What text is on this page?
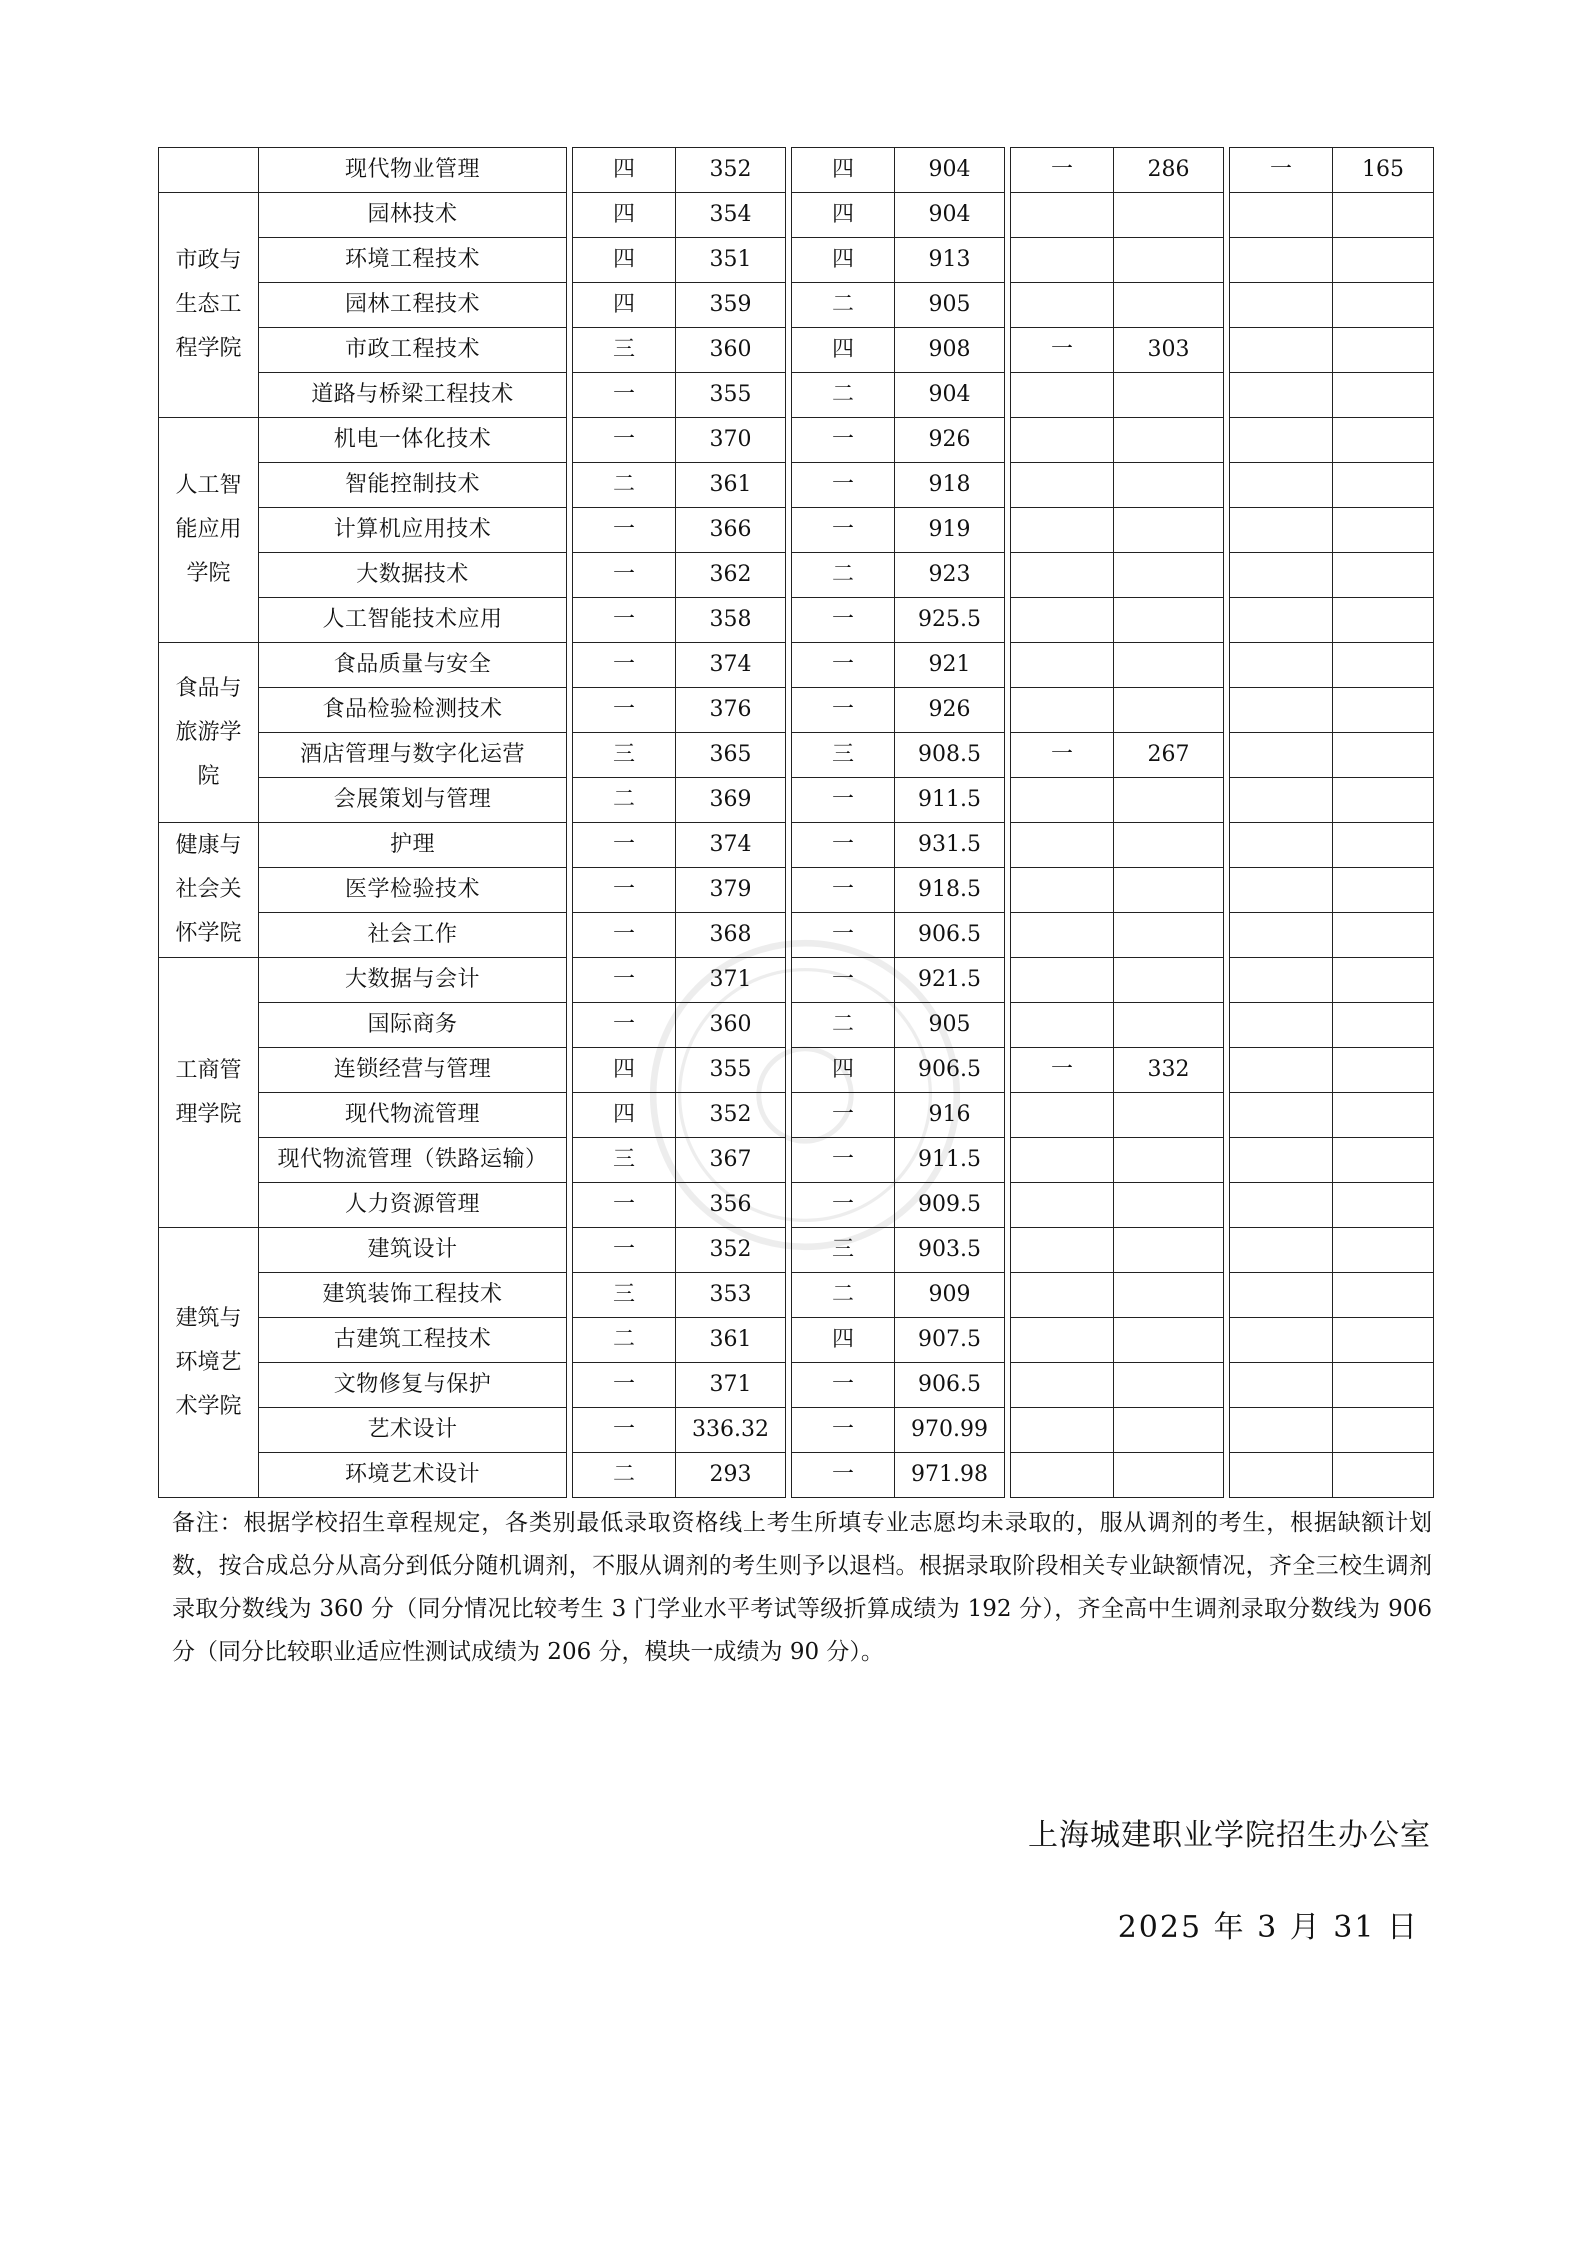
	现代物业管理		四	352		四	904		一	286		一	165
市政与生态工程学院	园林技术		四	354		四	904						
	环境工程技术		四	351		四	913						
	园林工程技术		四	359		二	905						
	市政工程技术		三	360		四	908		一	303			
	道路与桥梁工程技术		一	355		二	904						
人工智能应用学院	机电一体化技术		一	370		一	926						
	智能控制技术		二	361		一	918						
	计算机应用技术		一	366		一	919						
	大数据技术		一	362		二	923						
	人工智能技术应用		一	358		一	925.5						
食品与旅游学院	食品质量与安全		一	374		一	921						
	食品检验检测技术		一	376		一	926						
	酒店管理与数字化运营		三	365		三	908.5		一	267			
	会展策划与管理		二	369		一	911.5						
健康与社会关怀学院	护理		一	374		一	931.5						
	医学检验技术		一	379		一	918.5						
	社会工作		一	368		一	906.5						
工商管理学院	大数据与会计		一	371		一	921.5						
	国际商务		一	360		二	905						
	连锁经营与管理		四	355		四	906.5		一	332			
	现代物流管理		四	352		一	916						
	现代物流管理（铁路运输）		三	367		一	911.5						
	人力资源管理		一	356		一	909.5						
建筑与环境艺术学院	建筑设计		一	352		三	903.5						
	建筑装饰工程技术		三	353		二	909						
	古建筑工程技术		二	361		四	907.5						
	文物修复与保护		一	371		一	906.5						
	艺术设计		一	336.32		一	970.99						
	环境艺术设计		二	293		一	971.98						
备注：根据学校招生章程规定，各类别最低录取资格线上考生所填专业志愿均未录取的，服从调剂的考生，根据缺额计划数，按合成总分从高分到低分随机调剂，不服从调剂的考生则予以退档。根据录取阶段相关专业缺额情况，齐全三校生调剂录取分数线为 360 分（同分情况比较考生 3 门学业水平考试等级折算成绩为 192 分），齐全高中生调剂录取分数线为 906 分（同分比较职业适应性测试成绩为 206 分，模块一成绩为 90 分）。
上海城建职业学院招生办公室
2025 年 3 月 31 日
